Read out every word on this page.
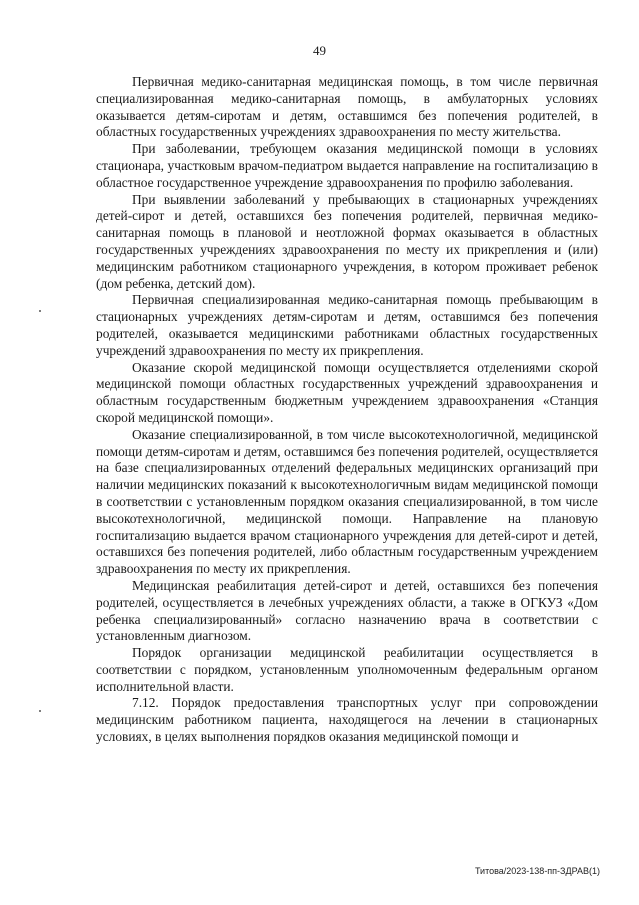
49

Первичная медико-санитарная медицинская помощь, в том числе первичная специализированная медико-санитарная помощь, в амбулаторных условиях оказывается детям-сиротам и детям, оставшимся без попечения родителей, в областных государственных учреждениях здравоохранения по месту жительства.

При заболевании, требующем оказания медицинской помощи в условиях стационара, участковым врачом-педиатром выдается направление на госпитализацию в областное государственное учреждение здравоохранения по профилю заболевания.

При выявлении заболеваний у пребывающих в стационарных учреждениях детей-сирот и детей, оставшихся без попечения родителей, первичная медико-санитарная помощь в плановой и неотложной формах оказывается в областных государственных учреждениях здравоохранения по месту их прикрепления и (или) медицинским работником стационарного учреждения, в котором проживает ребенок (дом ребенка, детский дом).

Первичная специализированная медико-санитарная помощь пребывающим в стационарных учреждениях детям-сиротам и детям, оставшимся без попечения родителей, оказывается медицинскими работниками областных государственных учреждений здравоохранения по месту их прикрепления.

Оказание скорой медицинской помощи осуществляется отделениями скорой медицинской помощи областных государственных учреждений здравоохранения и областным государственным бюджетным учреждением здравоохранения «Станция скорой медицинской помощи».

Оказание специализированной, в том числе высокотехнологичной, медицинской помощи детям-сиротам и детям, оставшимся без попечения родителей, осуществляется на базе специализированных отделений федеральных медицинских организаций при наличии медицинских показаний к высокотехнологичным видам медицинской помощи в соответствии с установленным порядком оказания специализированной, в том числе высокотехнологичной, медицинской помощи. Направление на плановую госпитализацию выдается врачом стационарного учреждения для детей-сирот и детей, оставшихся без попечения родителей, либо областным государственным учреждением здравоохранения по месту их прикрепления.

Медицинская реабилитация детей-сирот и детей, оставшихся без попечения родителей, осуществляется в лечебных учреждениях области, а также в ОГКУЗ «Дом ребенка специализированный» согласно назначению врача в соответствии с установленным диагнозом.

Порядок организации медицинской реабилитации осуществляется в соответствии с порядком, установленным уполномоченным федеральным органом исполнительной власти.

7.12. Порядок предоставления транспортных услуг при сопровождении медицинским работником пациента, находящегося на лечении в стационарных условиях, в целях выполнения порядков оказания медицинской помощи и

Титова/2023-138-пп-ЗДРАВ(1)
